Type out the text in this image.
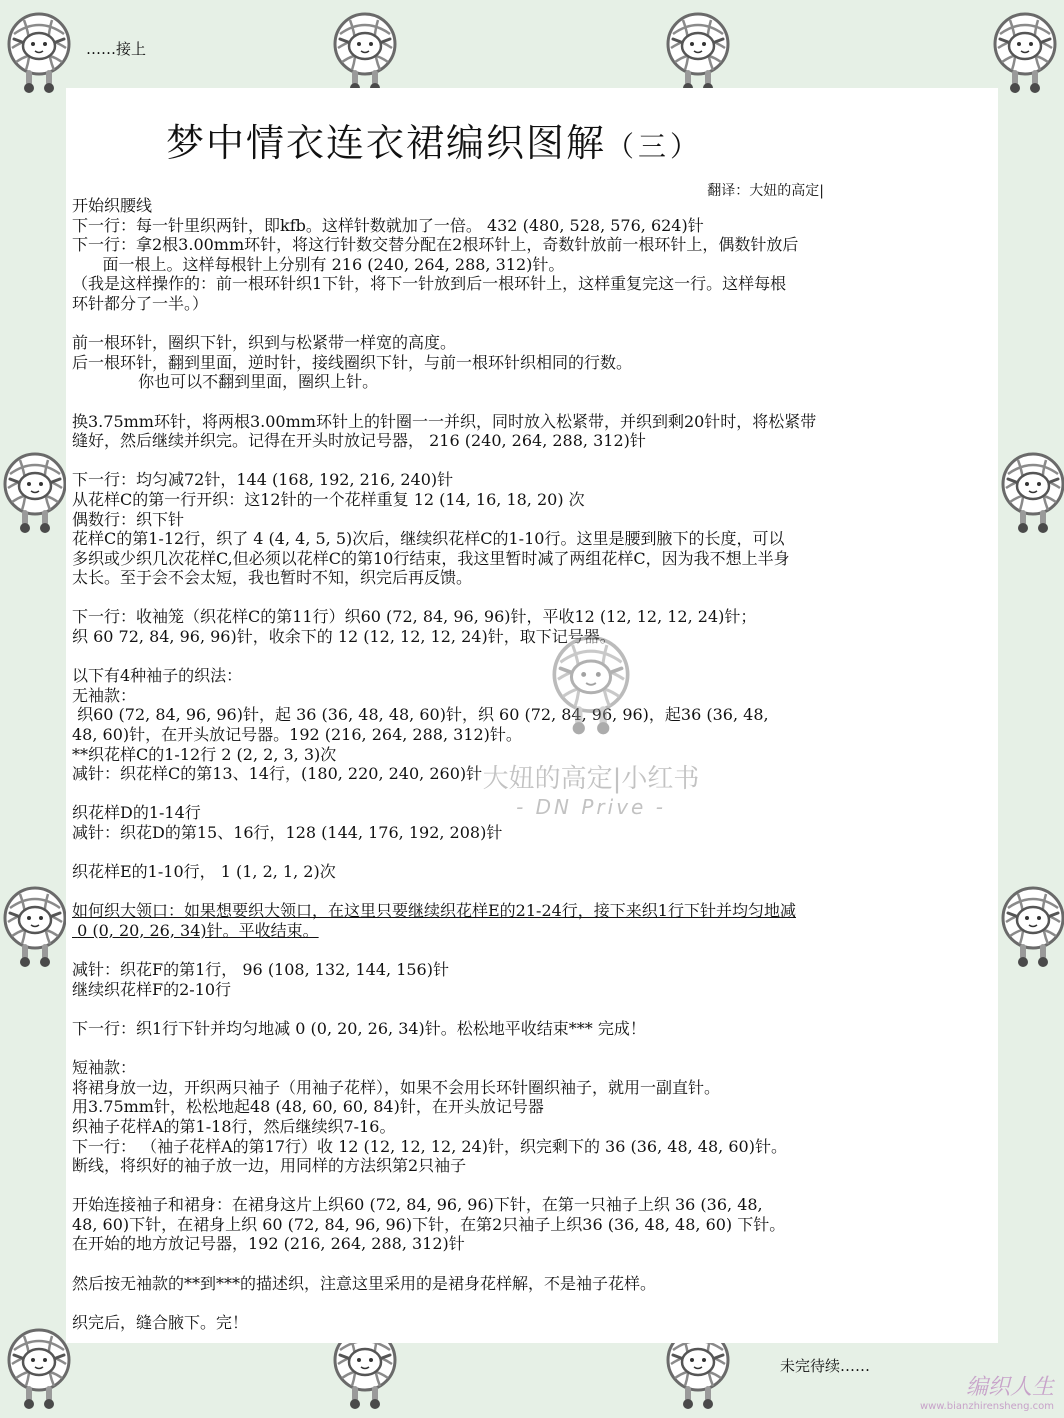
……接上
梦中情衣连衣裙编织图解（三）
翻译：大妞的高定|

开始织腰线

下一行：每一针里织两针，即kfb。这样针数就加了一倍。 432 (480, 528, 576, 624)针

下一行：拿2根3.00mm环针，将这行针数交替分配在2根环针上，奇数针放前一根环针上，偶数针放后

面一根上。这样每根针上分别有 216 (240, 264, 288, 312)针。

（我是这样操作的：前一根环针织1下针，将下一针放到后一根环针上，这样重复完这一行。这样每根

环针都分了一半。）

前一根环针，圈织下针，织到与松紧带一样宽的高度。

后一根环针，翻到里面，逆时针，接线圈织下针，与前一根环针织相同的行数。

你也可以不翻到里面，圈织上针。

换3.75mm环针，将两根3.00mm环针上的针圈一一并织，同时放入松紧带，并织到剩20针时，将松紧带

缝好，然后继续并织完。记得在开头时放记号器， 216 (240, 264, 288, 312)针

下一行：均匀减72针，144 (168, 192, 216, 240)针

从花样C的第一行开织：这12针的一个花样重复 12 (14, 16, 18, 20) 次

偶数行：织下针

花样C的第1-12行，织了 4 (4, 4, 5, 5)次后，继续织花样C的1-10行。这里是腰到腋下的长度，可以

多织或少织几次花样C,但必须以花样C的第10行结束，我这里暂时减了两组花样C，因为我不想上半身

太长。至于会不会太短，我也暂时不知，织完后再反馈。

下一行：收袖笼（织花样C的第11行）织60 (72, 84, 96, 96)针，平收12 (12, 12, 12, 24)针；

织 60 72, 84, 96, 96)针，收余下的 12 (12, 12, 12, 24)针，取下记号器。

以下有4种袖子的织法：

无袖款：

织60 (72, 84, 96, 96)针，起 36 (36, 48, 48, 60)针，织 60 (72, 84, 96, 96)，起36 (36, 48,

48, 60)针，在开头放记号器。192 (216, 264, 288, 312)针。

**织花样C的1-12行 2 (2, 2, 3, 3)次

减针：织花样C的第13、14行，(180, 220, 240, 260)针

织花样D的1-14行

减针：织花D的第15、16行，128 (144, 176, 192, 208)针

织花样E的1-10行， 1 (1, 2, 1, 2)次

如何织大领口：如果想要织大领口，在这里只要继续织花样E的21-24行，接下来织1行下针并均匀地减

0 (0, 20, 26, 34)针。平收结束。

减针：织花F的第1行， 96 (108, 132, 144, 156)针

继续织花样F的2-10行

下一行：织1行下针并均匀地减 0 (0, 20, 26, 34)针。松松地平收结束*** 完成！

短袖款：

将裙身放一边，开织两只袖子（用袖子花样），如果不会用长环针圈织袖子，就用一副直针。

用3.75mm针，松松地起48 (48, 60, 60, 84)针，在开头放记号器

织袖子花样A的第1-18行，然后继续织7-16。

下一行： （袖子花样A的第17行）收 12 (12, 12, 12, 24)针，织完剩下的 36 (36, 48, 48, 60)针。

断线，将织好的袖子放一边，用同样的方法织第2只袖子

开始连接袖子和裙身：在裙身这片上织60 (72, 84, 96, 96)下针，在第一只袖子上织 36 (36, 48,

48, 60)下针，在裙身上织 60 (72, 84, 96, 96)下针，在第2只袖子上织36 (36, 48, 48, 60) 下针。

在开始的地方放记号器，192 (216, 264, 288, 312)针

然后按无袖款的**到***的描述织，注意这里采用的是裙身花样解，不是袖子花样。

织完后，缝合腋下。完！

大妞的高定|小红书
- DN Prive -
未完待续……
编织人生
www.bianzhirensheng.com
